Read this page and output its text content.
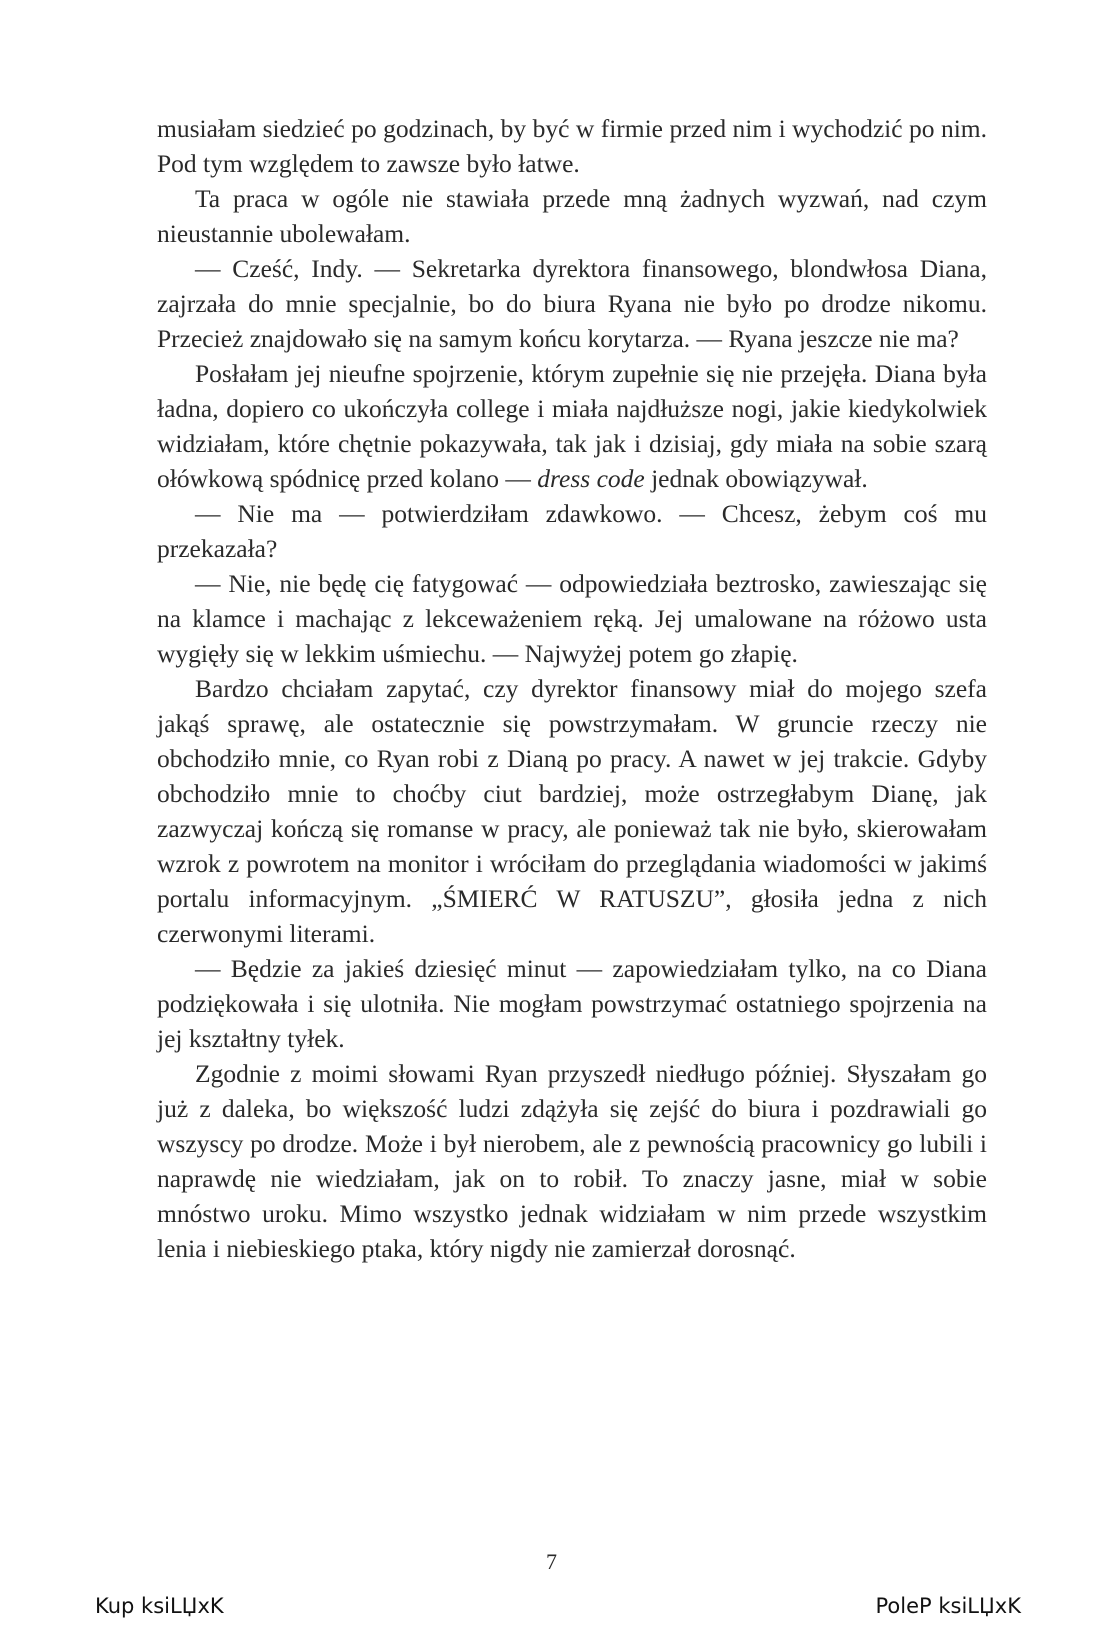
musiałam siedzieć po godzinach, by być w firmie przed nim i wychodzić po nim. Pod tym względem to zawsze było łatwe.

Ta praca w ogóle nie stawiała przede mną żadnych wyzwań, nad czym nieustannie ubolewałam.

— Cześć, Indy. — Sekretarka dyrektora finansowego, blondwłosa Diana, zajrzała do mnie specjalnie, bo do biura Ryana nie było po drodze nikomu. Przecież znajdowało się na samym końcu korytarza. — Ryana jeszcze nie ma?

Posłałam jej nieufne spojrzenie, którym zupełnie się nie przejęła. Diana była ładna, dopiero co ukończyła college i miała najdłuższe nogi, jakie kiedykolwiek widziałam, które chętnie pokazywała, tak jak i dzisiaj, gdy miała na sobie szarą ołówkową spódnicę przed kolano — dress code jednak obowiązywał.

— Nie ma — potwierdziłam zdawkowo. — Chcesz, żebym coś mu przekazała?

— Nie, nie będę cię fatygować — odpowiedziała beztrosko, zawieszając się na klamce i machając z lekceważeniem ręką. Jej umalowane na różowo usta wygięły się w lekkim uśmiechu. — Najwyżej potem go złapię.

Bardzo chciałam zapytać, czy dyrektor finansowy miał do mojego szefa jakąś sprawę, ale ostatecznie się powstrzymałam. W gruncie rzeczy nie obchodziło mnie, co Ryan robi z Dianą po pracy. A nawet w jej trakcie. Gdyby obchodziło mnie to choćby ciut bardziej, może ostrzegłabym Dianę, jak zazwyczaj kończą się romanse w pracy, ale ponieważ tak nie było, skierowałam wzrok z powrotem na monitor i wróciłam do przeglądania wiadomości w jakimś portalu informacyjnym. „ŚMIERĆ W RATUSZU”, głosiła jedna z nich czerwonymi literami.

— Będzie za jakieś dziesięć minut — zapowiedziałam tylko, na co Diana podziękowała i się ulotniła. Nie mogłam powstrzymać ostatniego spojrzenia na jej kształtny tyłek.

Zgodnie z moimi słowami Ryan przyszedł niedługo później. Słyszałam go już z daleka, bo większość ludzi zdążyła się zejść do biura i pozdrawiali go wszyscy po drodze. Może i był nierobem, ale z pewnością pracownicy go lubili i naprawdę nie wiedziałam, jak on to robił. To znaczy jasne, miał w sobie mnóstwo uroku. Mimo wszystko jednak widziałam w nim przede wszystkim lenia i niebieskiego ptaka, który nigdy nie zamierzał dorosnąć.

7
Kup ksiLЏxK	PoleP ksiLЏxK
